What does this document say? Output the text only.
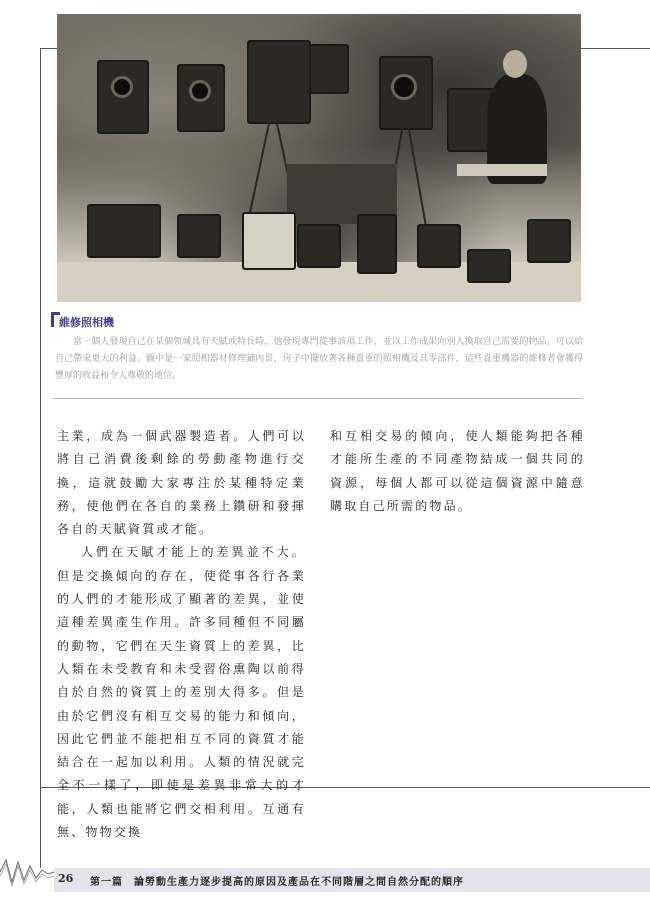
維修照相機

當一個人發現自己在某個領域具有天賦或特長時，他發現專門從事該項工作，並以工作成果向別人換取自己需要的物品，可以給自己帶來更大的利益。圖中是一家照相器材修理鋪內景，房子中擺放著各種貴重的照相機及其零部件，這些貴重機器的維修者會獲得豐厚的收益和令人尊敬的地位。

主業，成為一個武器製造者。人們可以將自己消費後剩餘的勞動產物進行交換，這就鼓勵大家專注於某種特定業務，使他們在各自的業務上鑽研和發揮各自的天賦資質或才能。

人們在天賦才能上的差異並不大。但是交換傾向的存在，使從事各行各業的人們的才能形成了顯著的差異，並使這種差異產生作用。許多同種但不同屬的動物，它們在天生資質上的差異，比人類在未受教育和未受習俗熏陶以前得自於自然的資質上的差別大得多。但是由於它們沒有相互交易的能力和傾向，因此它們並不能把相互不同的資質才能結合在一起加以利用。人類的情況就完全不一樣了，即使是差異非常大的才能，人類也能將它們交相利用。互通有無、物物交換

和互相交易的傾向，使人類能夠把各種才能所生產的不同產物結成一個共同的資源，每個人都可以從這個資源中隨意購取自己所需的物品。

26 第一篇　論勞動生產力逐步提高的原因及產品在不同階層之間自然分配的順序
